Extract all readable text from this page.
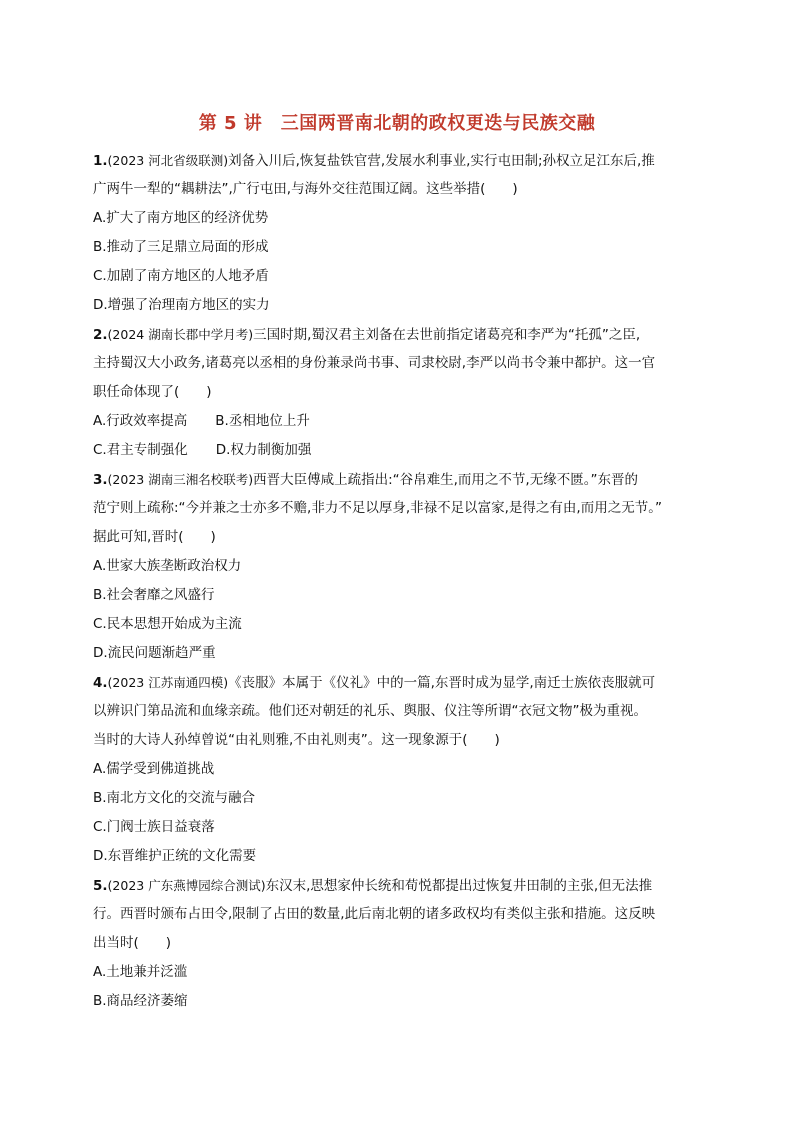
第 5 讲　三国两晋南北朝的政权更迭与民族交融
1.(2023 河北省级联测)刘备入川后,恢复盐铁官营,发展水利事业,实行屯田制;孙权立足江东后,推
广两牛一犁的“耦耕法”,广行屯田,与海外交往范围辽阔。这些举措(　　)
A.扩大了南方地区的经济优势
B.推动了三足鼎立局面的形成
C.加剧了南方地区的人地矛盾
D.增强了治理南方地区的实力
2.(2024 湖南长郡中学月考)三国时期,蜀汉君主刘备在去世前指定诸葛亮和李严为“托孤”之臣,
主持蜀汉大小政务,诸葛亮以丞相的身份兼录尚书事、司隶校尉,李严以尚书令兼中都护。这一官
职任命体现了(　　)
A.行政效率提高 B.丞相地位上升
C.君主专制强化 D.权力制衡加强
3.(2023 湖南三湘名校联考)西晋大臣傅咸上疏指出:“谷帛难生,而用之不节,无缘不匮。”东晋的
范宁则上疏称:“今并兼之士亦多不赡,非力不足以厚身,非禄不足以富家,是得之有由,而用之无节。”
据此可知,晋时(　　)
A.世家大族垄断政治权力
B.社会奢靡之风盛行
C.民本思想开始成为主流
D.流民问题渐趋严重
4.(2023 江苏南通四模)《丧服》本属于《仪礼》中的一篇,东晋时成为显学,南迁士族依丧服就可
以辨识门第品流和血缘亲疏。他们还对朝廷的礼乐、舆服、仪注等所谓“衣冠文物”极为重视。
当时的大诗人孙绰曾说“由礼则雅,不由礼则夷”。这一现象源于(　　)
A.儒学受到佛道挑战
B.南北方文化的交流与融合
C.门阀士族日益衰落
D.东晋维护正统的文化需要
5.(2023 广东燕博园综合测试)东汉末,思想家仲长统和荀悦都提出过恢复井田制的主张,但无法推
行。西晋时颁布占田令,限制了占田的数量,此后南北朝的诸多政权均有类似主张和措施。这反映
出当时(　　)
A.土地兼并泛滥
B.商品经济萎缩
